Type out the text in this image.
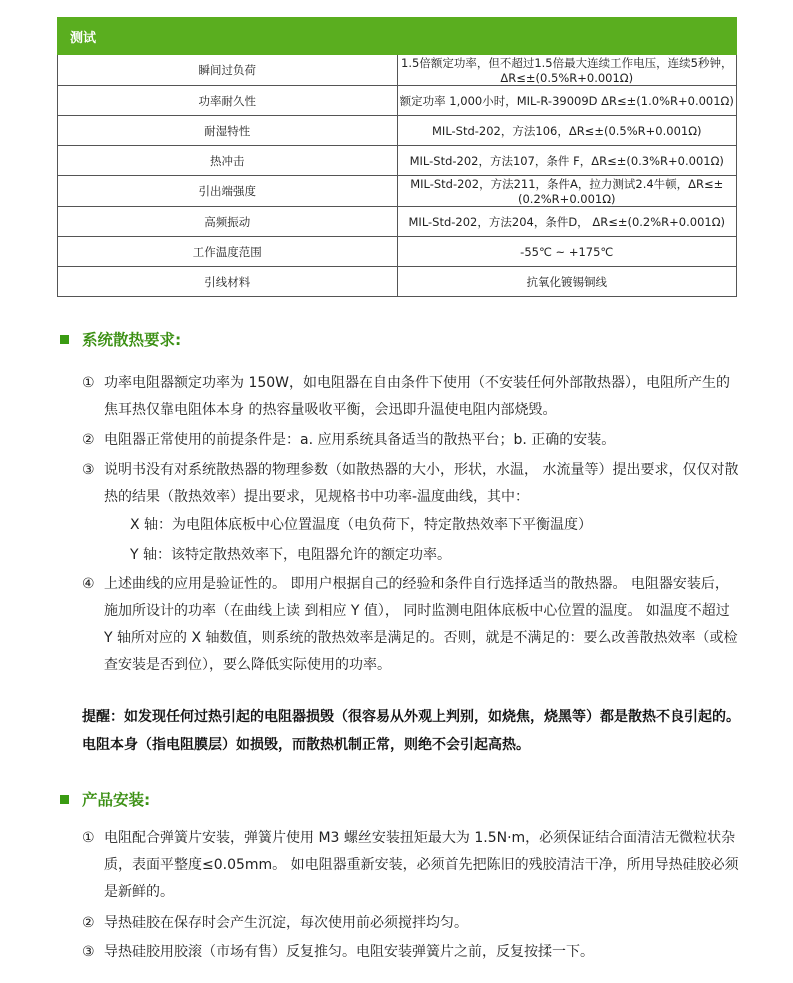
测试	
瞬间过负荷	1.5倍额定功率，但不超过1.5倍最大连续工作电压，连续5秒钟，ΔR≤±(0.5%R+0.001Ω)
功率耐久性	额定功率 1,000小时，MIL-R-39009D ΔR≤±(1.0%R+0.001Ω)
耐湿特性	MIL-Std-202，方法106，ΔR≤±(0.5%R+0.001Ω)
热冲击	MIL-Std-202，方法107，条件 F，ΔR≤±(0.3%R+0.001Ω)
引出端强度	MIL-Std-202，方法211，条件A，拉力测试2.4牛顿，ΔR≤±(0.2%R+0.001Ω)
高频振动	MIL-Std-202，方法204，条件D， ΔR≤±(0.2%R+0.001Ω)
工作温度范围	-55℃ ~ +175℃
引线材料	抗氧化镀锡铜线
系统散热要求:
① 功率电阻器额定功率为 150W，如电阻器在自由条件下使用（不安装任何外部散热器），电阻所产生的焦耳热仅靠电阻体本身 的热容量吸收平衡，会迅即升温使电阻内部烧毁。
② 电阻器正常使用的前提条件是：a. 应用系统具备适当的散热平台；b. 正确的安装。
③ 说明书没有对系统散热器的物理参数（如散热器的大小，形状，水温， 水流量等）提出要求，仅仅对散热的结果（散热效率）提出要求，见规格书中功率-温度曲线，其中：
X 轴：为电阻体底板中心位置温度（电负荷下，特定散热效率下平衡温度）
Y 轴：该特定散热效率下，电阻器允许的额定功率。
④ 上述曲线的应用是验证性的。 即用户根据自己的经验和条件自行选择适当的散热器。 电阻器安装后，施加所设计的功率（在曲线上读 到相应 Y 值）， 同时监测电阻体底板中心位置的温度。 如温度不超过 Y 轴所对应的 X 轴数值，则系统的散热效率是满足的。否则，就是不满足的：要么改善散热效率（或检查安装是否到位），要么降低实际使用的功率。
提醒：如发现任何过热引起的电阻器损毁（很容易从外观上判别，如烧焦，烧黑等）都是散热不良引起的。电阻本身（指电阻膜层）如损毁，而散热机制正常，则绝不会引起高热。
产品安装:
① 电阻配合弹簧片安装，弹簧片使用 M3 螺丝安装扭矩最大为 1.5N·m，必须保证结合面清洁无微粒状杂质，表面平整度≤0.05mm。 如电阻器重新安装，必须首先把陈旧的残胶清洁干净，所用导热硅胶必须是新鲜的。
② 导热硅胶在保存时会产生沉淀，每次使用前必须搅拌均匀。
③ 导热硅胶用胶滚（市场有售）反复推匀。电阻安装弹簧片之前，反复按揉一下。
